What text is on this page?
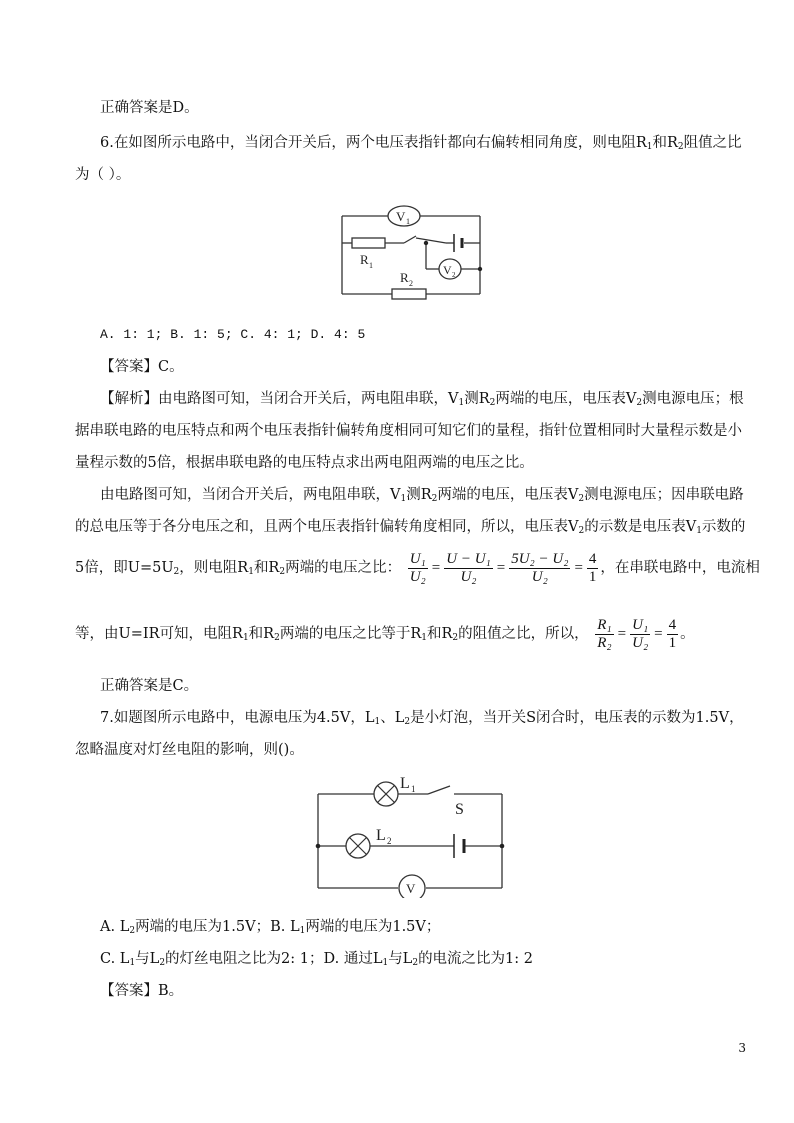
正确答案是D。
6.在如图所示电路中，当闭合开关后，两个电压表指针都向右偏转相同角度，则电阻$R_1$和$R_2$阻值之比
为（ ）。
V 1
V 2
R 1
R 2
A. 1: 1; B. 1: 5; C. 4: 1; D. 4: 5
【答案】C。
【解析】由电路图可知，当闭合开关后，两电阻串联，$V_1$测$R_2$两端的电压，电压表$V_2$测电源电压；根
据串联电路的电压特点和两个电压表指针偏转角度相同可知它们的量程，指针位置相同时大量程示数是小
量程示数的5倍，根据串联电路的电压特点求出两电阻两端的电压之比。
由电路图可知，当闭合开关后，两电阻串联，$V_1$测$R_2$两端的电压，电压表$V_2$测电源电压；因串联电路
的总电压等于各分电压之和，且两个电压表指针偏转角度相同，所以，电压表$V_2$的示数是电压表$V_1$示数的
5倍，即$U=5U_2$，则电阻$R_1$和$R_2$两端的电压之比： $\frac{\text{U₁}}{\text{U₂}} = \frac{\text{U − U₁}}{\text{U₂}} = \frac{\text{5U₂ − U₂}}{\text{U₂}} = \frac{4}{1}$ ，在串联电路中，电流相
等，由U=IR可知，电阻$R_1$和$R_2$两端的电压之比等于$R_1$和$R_2$的阻值之比，所以， $\frac{\text{R₁}}{\text{R₂}} = \frac{\text{U₁}}{\text{U₂}} = \frac{4}{1}$ 。
正确答案是C。
7.如题图所示电路中，电源电压为4.5V，$L_1$、$L_2$是小灯泡，当开关S闭合时，电压表的示数为1.5V，
忽略温度对灯丝电阻的影响，则()。
V
L 1
S
L 2
A. $L_2$两端的电压为1.5V；B. $L_1$两端的电压为1.5V；
C. $L_1$与$L_2$的灯丝电阻之比为2: 1；D. 通过$L_1$与$L_2$的电流之比为1: 2
【答案】B。
3
